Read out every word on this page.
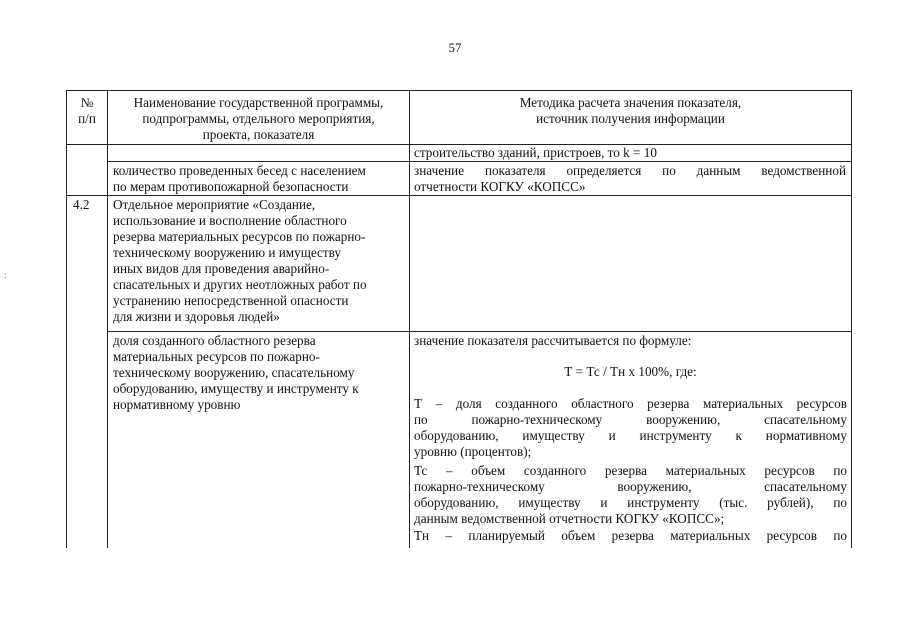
57
:
№
п/п
Наименование государственной программы,
подпрограммы, отдельного мероприятия,
проекта, показателя
Методика расчета значения показателя,
источник получения информации
строительство зданий, пристроев, то k = 10
количество проведенных бесед с населением
по мерам противопожарной безопасности
значение показателя определяется по данным ведомственной
отчетности КОГКУ «КОПСС»
4.2 Отдельное мероприятие «Создание,
использование и восполнение областного
резерва материальных ресурсов по пожарно-
техническому вооружению и имуществу
иных видов для проведения аварийно-
спасательных и других неотложных работ по
устранению непосредственной опасности
для жизни и здоровья людей»
доля созданного областного резерва
материальных ресурсов по пожарно-
техническому вооружению, спасательному
оборудованию, имуществу и инструменту к
нормативному уровню
значение показателя рассчитывается по формуле:
Т = Тс / Тн х 100%, где:
Т – доля созданного областного резерва материальных ресурсов
по пожарно-техническому вооружению, спасательному
оборудованию, имуществу и инструменту к нормативному
уровню (процентов);
Тс – объем созданного резерва материальных ресурсов по
пожарно-техническому вооружению, спасательному
оборудованию, имуществу и инструменту (тыс. рублей), по
данным ведомственной отчетности КОГКУ «КОПСС»;
Тн – планируемый объем резерва материальных ресурсов по
